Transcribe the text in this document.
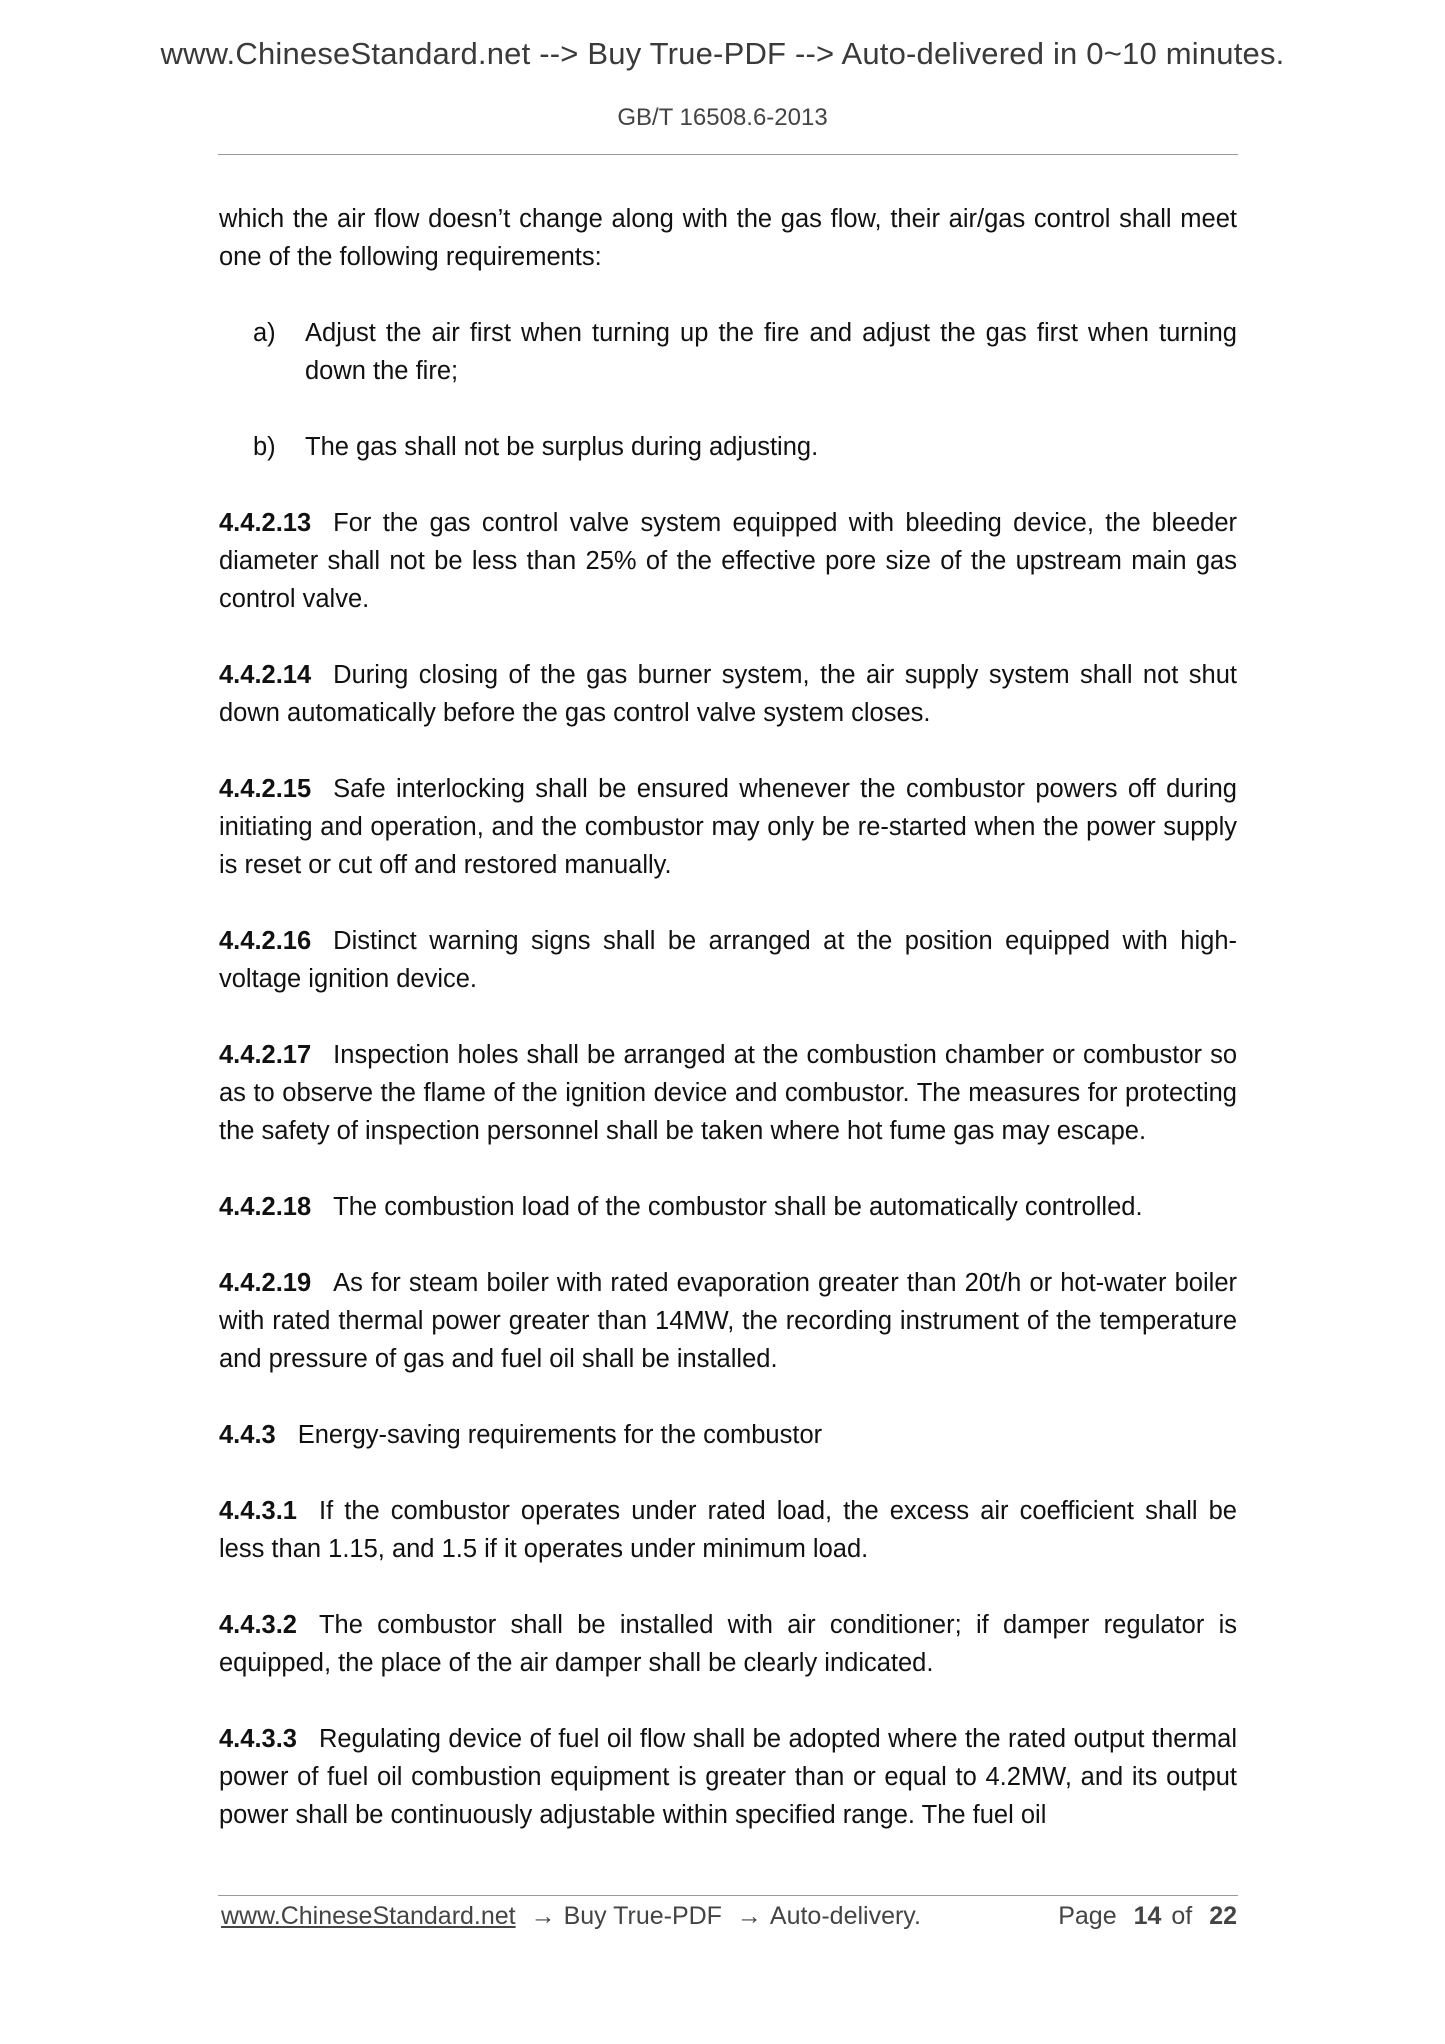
www.ChineseStandard.net --> Buy True-PDF --> Auto-delivered in 0~10 minutes.
GB/T 16508.6-2013

which the air flow doesn’t change along with the gas flow, their air/gas control shall meet one of the following requirements:

a)	Adjust the air first when turning up the fire and adjust the gas first when turning down the fire;
b)	The gas shall not be surplus during adjusting.

4.4.2.13 For the gas control valve system equipped with bleeding device, the bleeder diameter shall not be less than 25% of the effective pore size of the upstream main gas control valve.

4.4.2.14 During closing of the gas burner system, the air supply system shall not shut down automatically before the gas control valve system closes.

4.4.2.15 Safe interlocking shall be ensured whenever the combustor powers off during initiating and operation, and the combustor may only be re-started when the power supply is reset or cut off and restored manually.

4.4.2.16 Distinct warning signs shall be arranged at the position equipped with high-voltage ignition device.

4.4.2.17 Inspection holes shall be arranged at the combustion chamber or combustor so as to observe the flame of the ignition device and combustor. The measures for protecting the safety of inspection personnel shall be taken where hot fume gas may escape.

4.4.2.18 The combustion load of the combustor shall be automatically controlled.

4.4.2.19 As for steam boiler with rated evaporation greater than 20t/h or hot-water boiler with rated thermal power greater than 14MW, the recording instrument of the temperature and pressure of gas and fuel oil shall be installed.

4.4.3 Energy-saving requirements for the combustor

4.4.3.1 If the combustor operates under rated load, the excess air coefficient shall be less than 1.15, and 1.5 if it operates under minimum load.

4.4.3.2 The combustor shall be installed with air conditioner; if damper regulator is equipped, the place of the air damper shall be clearly indicated.

4.4.3.3 Regulating device of fuel oil flow shall be adopted where the rated output thermal power of fuel oil combustion equipment is greater than or equal to 4.2MW, and its output power shall be continuously adjustable within specified range. The fuel oil

www.ChineseStandard.net → Buy True-PDF → Auto-delivery.	Page 14 of 22
